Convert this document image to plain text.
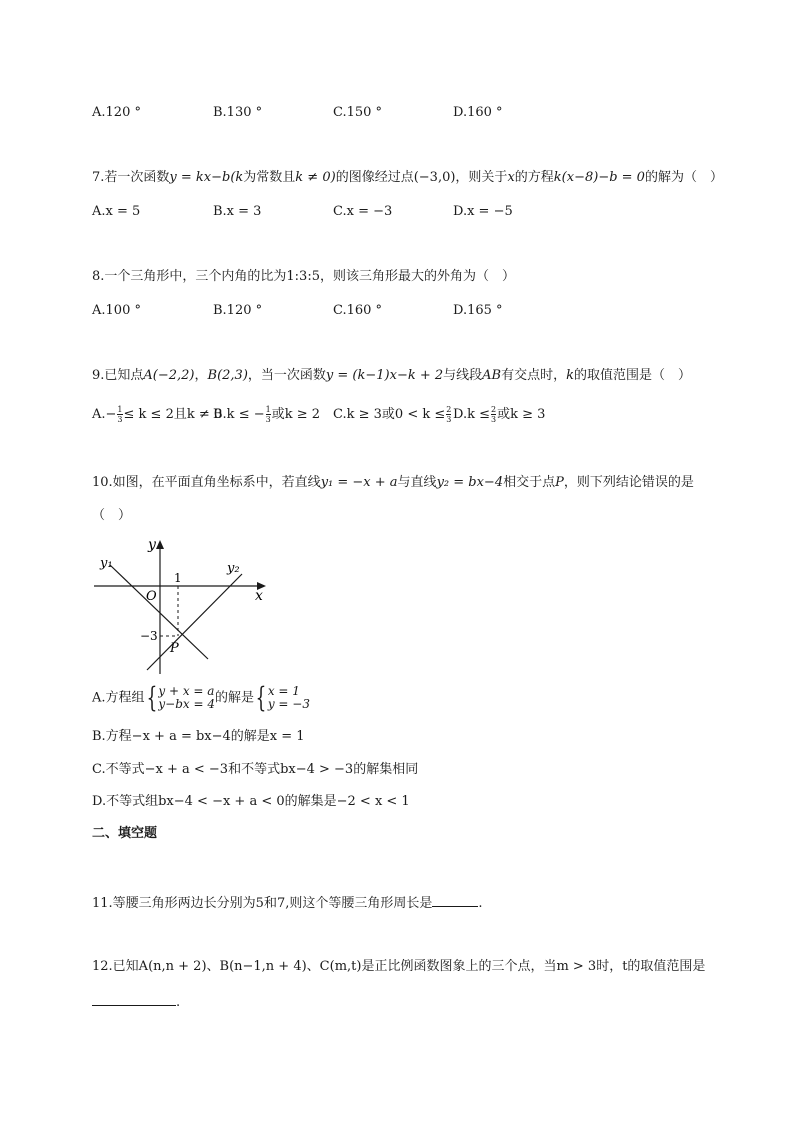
A.120 °	B.130 °	C.150 °	D.160 °
7.若一次函数y = kx−b(k为常数且k ≠ 0)的图像经过点(−3,0)，则关于x的方程k(x−8)−b = 0的解为（　）
A.x = 5	B.x = 3	C.x = −3	D.x = −5
8.一个三角形中，三个内角的比为1:3:5，则该三角形最大的外角为（　）
A.100 °	B.120 °	C.160 °	D.165 °
9.已知点A(−2,2)，B(2,3)，当一次函数y = (k−1)x−k + 2与线段AB有交点时，k的取值范围是（　）
$A.- \frac{1}{3} \le k \le 2$且k ≠ 0
B.k ≤ − $\frac{1}{3}$ 或k ≥ 2 C.k ≥ 3或$0 < k \le \frac{2}{3} D.k \le \frac{2}{3}$ 或k ≥ 3
10.如图，在平面直角坐标系中，若直线y₁ = −x + a与直线y₂ = bx−4相交于点P，则下列结论错误的是
（　）
y
x
y₁	y₂
O
1
−3
P
A.方程组{ y + x = a
y−bx = 4 的解是{ x = 1
y = −3
B.方程−x + a = bx−4的解是x = 1
C.不等式−x + a < −3和不等式bx−4 > −3的解集相同
D.不等式组bx−4 < −x + a < 0的解集是−2 < x < 1
二、填空题
11.等腰三角形两边长分别为5和7,则这个等腰三角形周长是	.
12.已知A(n,n + 2)、B(n−1,n + 4)、C(m,t)是正比例函数图象上的三个点，当m > 3时，t的取值范围是
.
